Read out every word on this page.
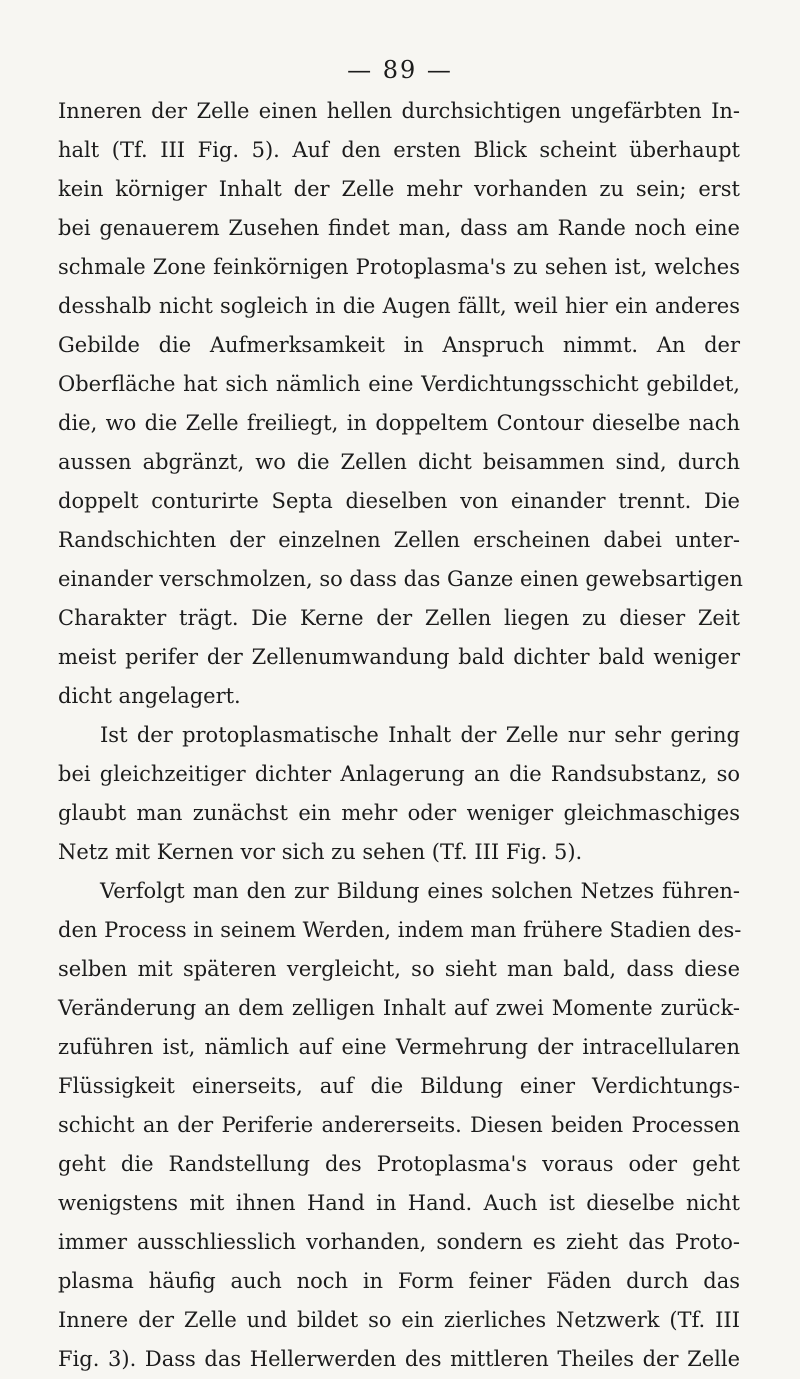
— 89 —
Inneren der Zelle einen hellen durchsichtigen ungefärbten In-
halt (Tf. III Fig. 5). Auf den ersten Blick scheint überhaupt
kein körniger Inhalt der Zelle mehr vorhanden zu sein; erst
bei genauerem Zusehen findet man, dass am Rande noch eine
schmale Zone feinkörnigen Protoplasma's zu sehen ist, welches
desshalb nicht sogleich in die Augen fällt, weil hier ein anderes
Gebilde die Aufmerksamkeit in Anspruch nimmt. An der
Oberfläche hat sich nämlich eine Verdichtungsschicht gebildet,
die, wo die Zelle freiliegt, in doppeltem Contour dieselbe nach
aussen abgränzt, wo die Zellen dicht beisammen sind, durch
doppelt conturirte Septa dieselben von einander trennt. Die
Randschichten der einzelnen Zellen erscheinen dabei unter-
einander verschmolzen, so dass das Ganze einen gewebsartigen
Charakter trägt. Die Kerne der Zellen liegen zu dieser Zeit
meist perifer der Zellenumwandung bald dichter bald weniger
dicht angelagert.
Ist der protoplasmatische Inhalt der Zelle nur sehr gering
bei gleichzeitiger dichter Anlagerung an die Randsubstanz, so
glaubt man zunächst ein mehr oder weniger gleichmaschiges
Netz mit Kernen vor sich zu sehen (Tf. III Fig. 5).
Verfolgt man den zur Bildung eines solchen Netzes führen-
den Process in seinem Werden, indem man frühere Stadien des-
selben mit späteren vergleicht, so sieht man bald, dass diese
Veränderung an dem zelligen Inhalt auf zwei Momente zurück-
zuführen ist, nämlich auf eine Vermehrung der intracellularen
Flüssigkeit einerseits, auf die Bildung einer Verdichtungs-
schicht an der Periferie andererseits. Diesen beiden Processen
geht die Randstellung des Protoplasma's voraus oder geht
wenigstens mit ihnen Hand in Hand. Auch ist dieselbe nicht
immer ausschliesslich vorhanden, sondern es zieht das Proto-
plasma häufig auch noch in Form feiner Fäden durch das
Innere der Zelle und bildet so ein zierliches Netzwerk (Tf. III
Fig. 3). Dass das Hellerwerden des mittleren Theiles der Zelle
